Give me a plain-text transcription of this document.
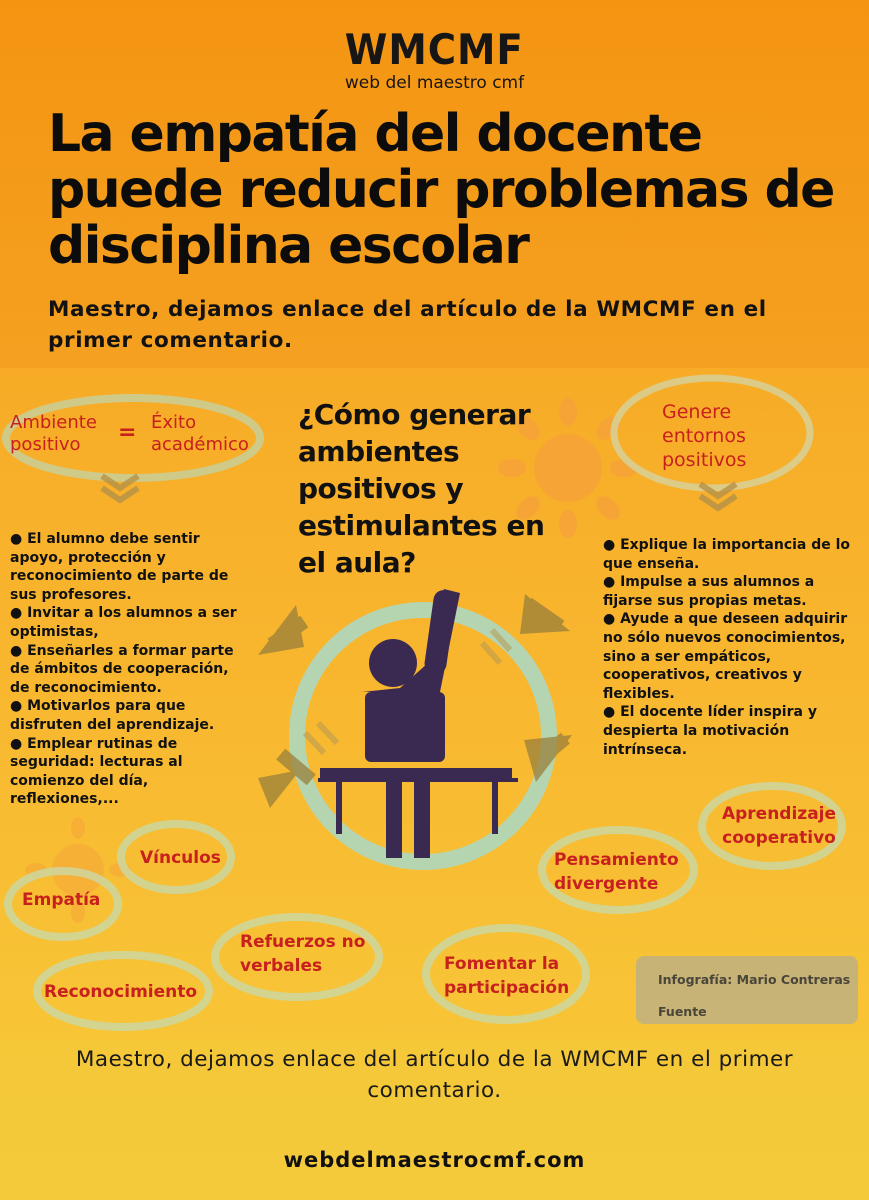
WMCMF
web del maestro cmf
La empatía del docente puede reducir problemas de disciplina escolar
Maestro, dejamos enlace del artículo de la WMCMF en el primer comentario.
¿Cómo generar ambientes positivos y estimulantes en el aula?
Ambiente positivo	= Éxito académico
Genere entornos positivos
● El alumno debe sentir apoyo, protección y reconocimiento de parte de sus profesores.
● Invitar a los alumnos a ser optimistas,
● Enseñarles a formar parte de ámbitos de cooperación, de reconocimiento.
● Motivarlos para que disfruten del aprendizaje.
● Emplear rutinas de seguridad: lecturas al comienzo del día, reflexiones,...
● Explique la importancia de lo que enseña.
● Impulse a sus alumnos a fijarse sus propias metas.
● Ayude a que deseen adquirir no sólo nuevos conocimientos, sino a ser empáticos, cooperativos, creativos y flexibles.
● El docente líder inspira y despierta la motivación intrínseca.
Vínculos
Empatía
Reconocimiento
Refuerzos no verbales	Fomentar la participación
Pensamiento divergente
Aprendizaje cooperativo
Infografía: Mario Contreras
Fuente
Maestro, dejamos enlace del artículo de la WMCMF en el primer comentario.
webdelmaestrocmf.com
